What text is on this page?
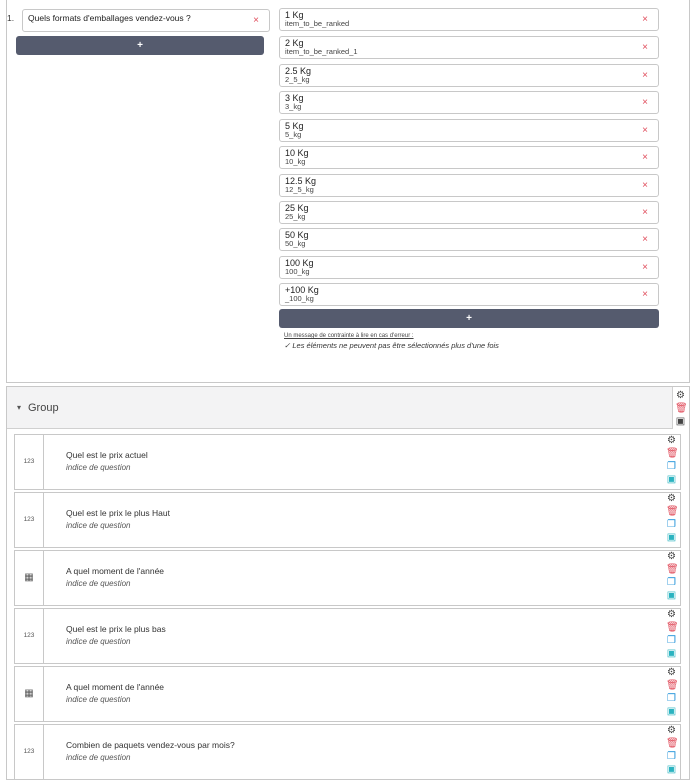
1. Quels formats d'emballages vendez-vous ?	×
+
1 Kg
item_to_be_ranked	×
2 Kg
item_to_be_ranked_1	×
2.5 Kg
2_5_kg	×
3 Kg
3_kg	×
5 Kg
5_kg	×
10 Kg
10_kg	×
12.5 Kg
12_5_kg	×
25 Kg
25_kg	×
50 Kg
50_kg	×
100 Kg
100_kg	×
+100 Kg
_100_kg	×
+
Un message de contrainte à lire en cas d'erreur :
✓ Les éléments ne peuvent pas être sélectionnés plus d'une fois
▾ Group
⚙
🗑
▣
123
Quel est le prix actuel
indice de question
⚙
🗑
❐
▣
123
Quel est le prix le plus Haut
indice de question
⚙
🗑
❐
▣
▦
A quel moment de l'année
indice de question
⚙
🗑
❐
▣
123
Quel est le prix le plus bas
indice de question
⚙
🗑
❐
▣
▦
A quel moment de l'année
indice de question
⚙
🗑
❐
▣
123
Combien de paquets vendez-vous par mois?
indice de question
⚙
🗑
❐
▣
